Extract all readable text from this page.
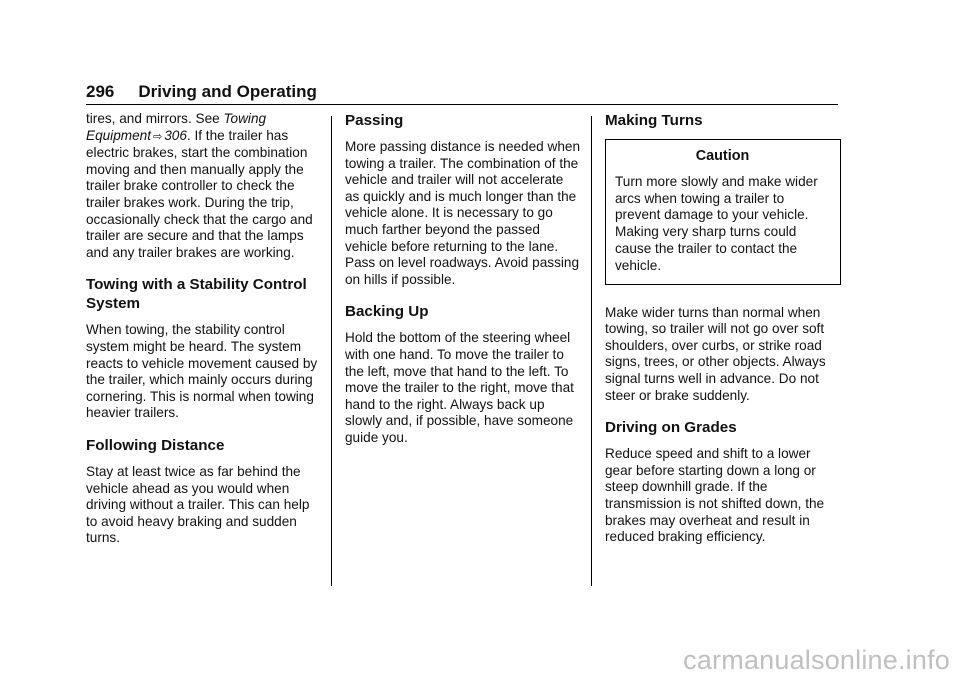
296 Driving and Operating

tires, and mirrors. See Towing Equipment ⇨ 306. If the trailer has electric brakes, start the combination moving and then manually apply the trailer brake controller to check the trailer brakes work. During the trip, occasionally check that the cargo and trailer are secure and that the lamps and any trailer brakes are working.

Towing with a Stability Control System

When towing, the stability control system might be heard. The system reacts to vehicle movement caused by the trailer, which mainly occurs during cornering. This is normal when towing heavier trailers.

Following Distance

Stay at least twice as far behind the vehicle ahead as you would when driving without a trailer. This can help to avoid heavy braking and sudden turns.

Passing

More passing distance is needed when towing a trailer. The combination of the vehicle and trailer will not accelerate as quickly and is much longer than the vehicle alone. It is necessary to go much farther beyond the passed vehicle before returning to the lane. Pass on level roadways. Avoid passing on hills if possible.

Backing Up

Hold the bottom of the steering wheel with one hand. To move the trailer to the left, move that hand to the left. To move the trailer to the right, move that hand to the right. Always back up slowly and, if possible, have someone guide you.

Making Turns
Caution
Turn more slowly and make wider arcs when towing a trailer to prevent damage to your vehicle. Making very sharp turns could cause the trailer to contact the vehicle.

Make wider turns than normal when towing, so trailer will not go over soft shoulders, over curbs, or strike road signs, trees, or other objects. Always signal turns well in advance. Do not steer or brake suddenly.

Driving on Grades

Reduce speed and shift to a lower gear before starting down a long or steep downhill grade. If the transmission is not shifted down, the brakes may overheat and result in reduced braking efficiency.

carmanualsonline.info
